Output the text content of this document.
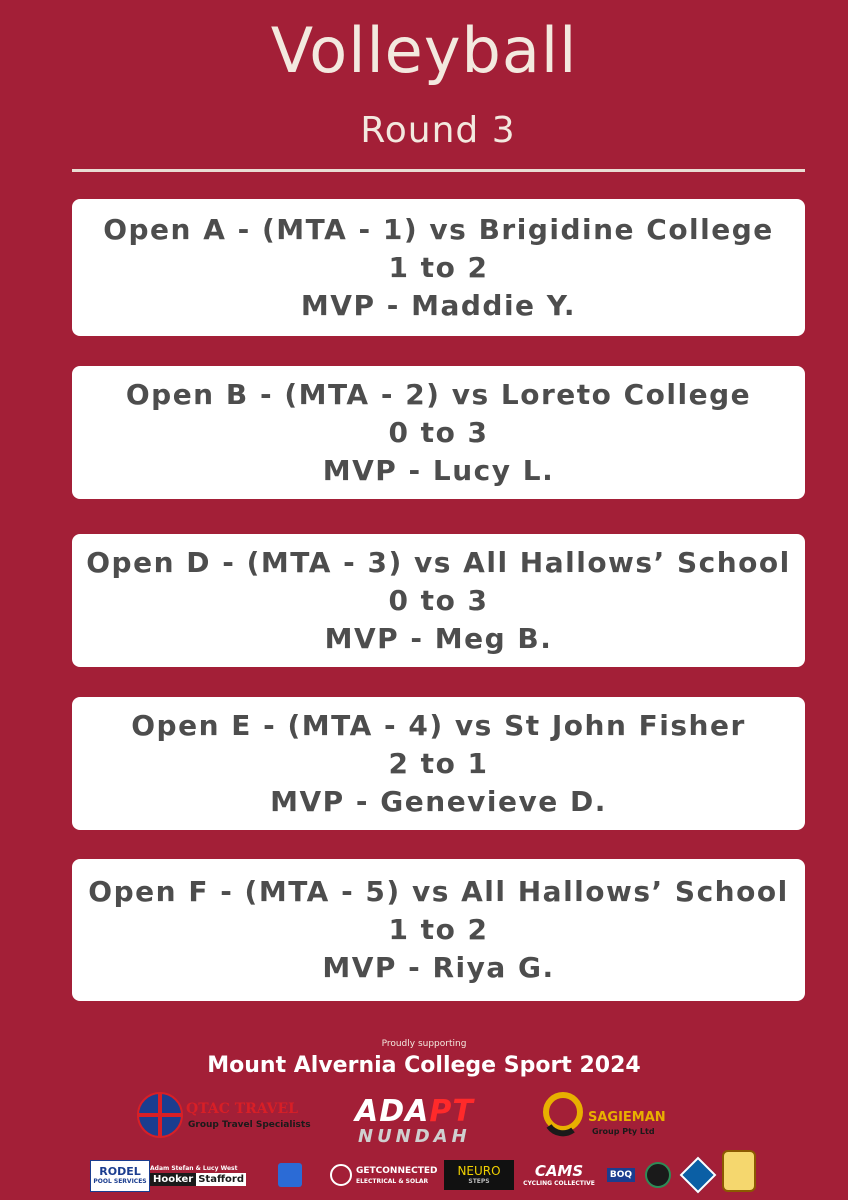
Volleyball
Round 3
Open A - (MTA - 1) vs Brigidine College
1 to 2
MVP - Maddie Y.
Open B - (MTA - 2) vs Loreto College
0 to 3
MVP - Lucy L.
Open D - (MTA - 3) vs All Hallows’ School
0 to 3
MVP - Meg B.
Open E - (MTA - 4) vs St John Fisher
2 to 1
MVP - Genevieve D.
Open F - (MTA - 5) vs All Hallows’ School
1 to 2
MVP - Riya G.
Proudly supporting
Mount Alvernia College Sport 2024
QTAC TRAVEL
Group Travel Specialists ADAPT
NUNDAH
SAGIEMAN
Group Pty Ltd
RODEL
POOL SERVICES
Adam Stefan & Lucy West
Hooker Stafford
GETCONNECTED
ELECTRICAL & SOLAR
NEURO
STEPS
CAMS
CYCLING COLLECTIVE
BOQ
